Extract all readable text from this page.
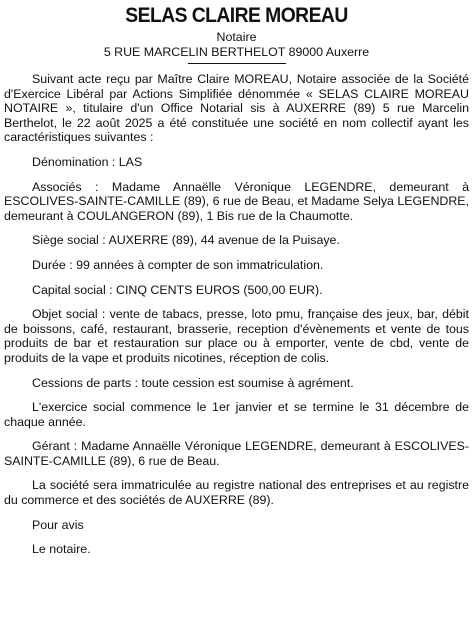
SELAS CLAIRE MOREAU
Notaire
5 RUE MARCELIN BERTHELOT 89000 Auxerre

Suivant acte reçu par Maître Claire MOREAU, Notaire associée de la Société d'Exercice Libéral par Actions Simplifiée dénommée « SELAS CLAIRE MOREAU NOTAIRE », titulaire d'un Office Notarial sis à AUXERRE (89) 5 rue Marcelin Berthelot, le 22 août 2025 a été constituée une société en nom collectif ayant les caractéristiques suivantes :

Dénomination : LAS

Associés : Madame Annaëlle Véronique LEGENDRE, demeurant à ESCOLIVES-SAINTE-CAMILLE (89), 6 rue de Beau, et Madame Selya LEGENDRE, demeurant à COULANGERON (89), 1 Bis rue de la Chaumotte.

Siège social : AUXERRE (89), 44 avenue de la Puisaye.

Durée : 99 années à compter de son immatriculation.

Capital social : CINQ CENTS EUROS (500,00 EUR).

Objet social : vente de tabacs, presse, loto pmu, française des jeux, bar, débit de boissons, café, restaurant, brasserie, reception d'évènements et vente de tous produits de bar et restauration sur place ou à emporter, vente de cbd, vente de produits de la vape et produits nicotines, réception de colis.

Cessions de parts : toute cession est soumise à agrément.

L'exercice social commence le 1er janvier et se termine le 31 décembre de chaque année.

Gérant : Madame Annaëlle Véronique LEGENDRE, demeurant à ESCOLIVES-SAINTE-CAMILLE (89), 6 rue de Beau.

La société sera immatriculée au registre national des entreprises et au registre du commerce et des sociétés de AUXERRE (89).

Pour avis

Le notaire.
